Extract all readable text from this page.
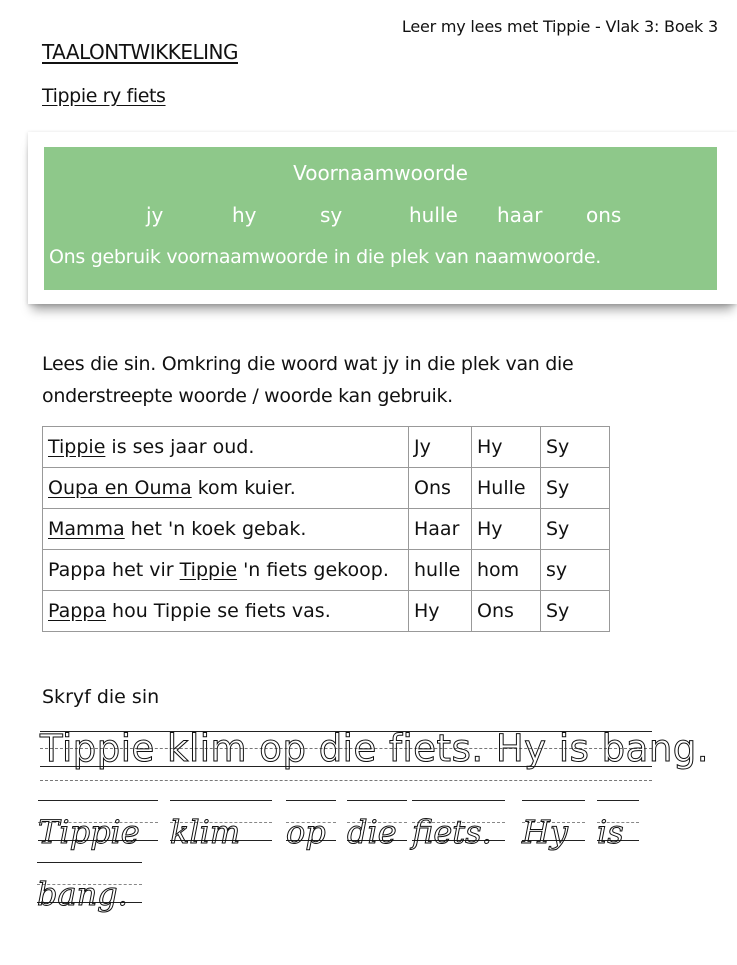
Leer my lees met Tippie - Vlak 3: Boek 3
TAALONTWIKKELING
Tippie ry fiets
Voornaamwoorde
jy	hy	sy	hulle haar ons
Ons gebruik voornaamwoorde in die plek van naamwoorde.
Lees die sin. Omkring die woord wat jy in die plek van die onderstreepte woorde / woorde kan gebruik.
Tippie is ses jaar oud.	Jy	Hy	Sy
Oupa en Ouma kom kuier.	Ons	Hulle	Sy
Mamma het 'n koek gebak.	Haar	Hy	Sy
Pappa het vir Tippie 'n fiets gekoop.	hulle	hom	sy
Pappa hou Tippie se fiets vas.	Hy	Ons	Sy
Skryf die sin
Tippie klim op die fiets. Hy is bang.
Tippie klim op die fiets. Hy is
bang.
